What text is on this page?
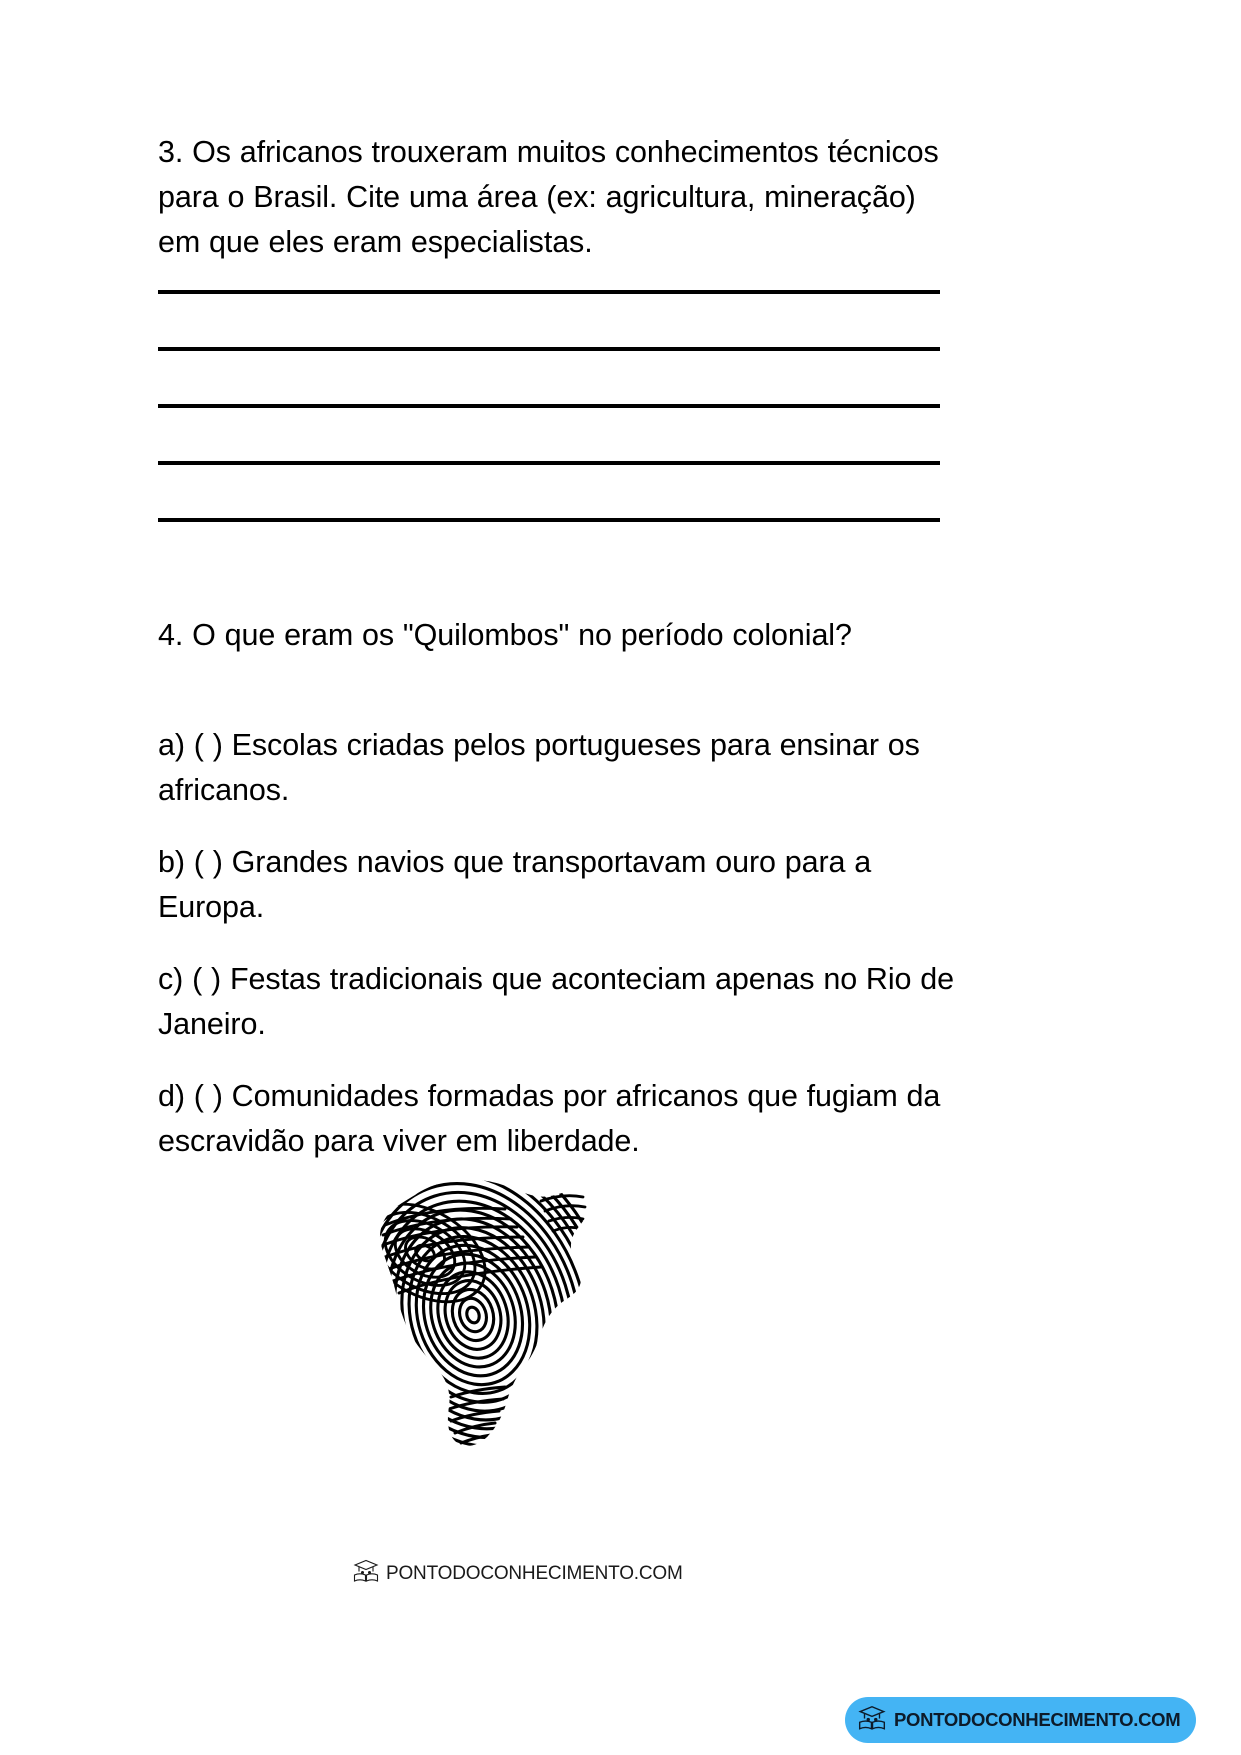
3. Os africanos trouxeram muitos conhecimentos técnicos para o Brasil. Cite uma área (ex: agricultura, mineração) em que eles eram especialistas.

4. O que eram os "Quilombos" no período colonial?

a) ( ) Escolas criadas pelos portugueses para ensinar os africanos.

b) ( ) Grandes navios que transportavam ouro para a Europa.

c) ( ) Festas tradicionais que aconteciam apenas no Rio de Janeiro.

d) ( ) Comunidades formadas por africanos que fugiam da escravidão para viver em liberdade.

PONTODOCONHECIMENTO.COM
PONTODOCONHECIMENTO.COM
